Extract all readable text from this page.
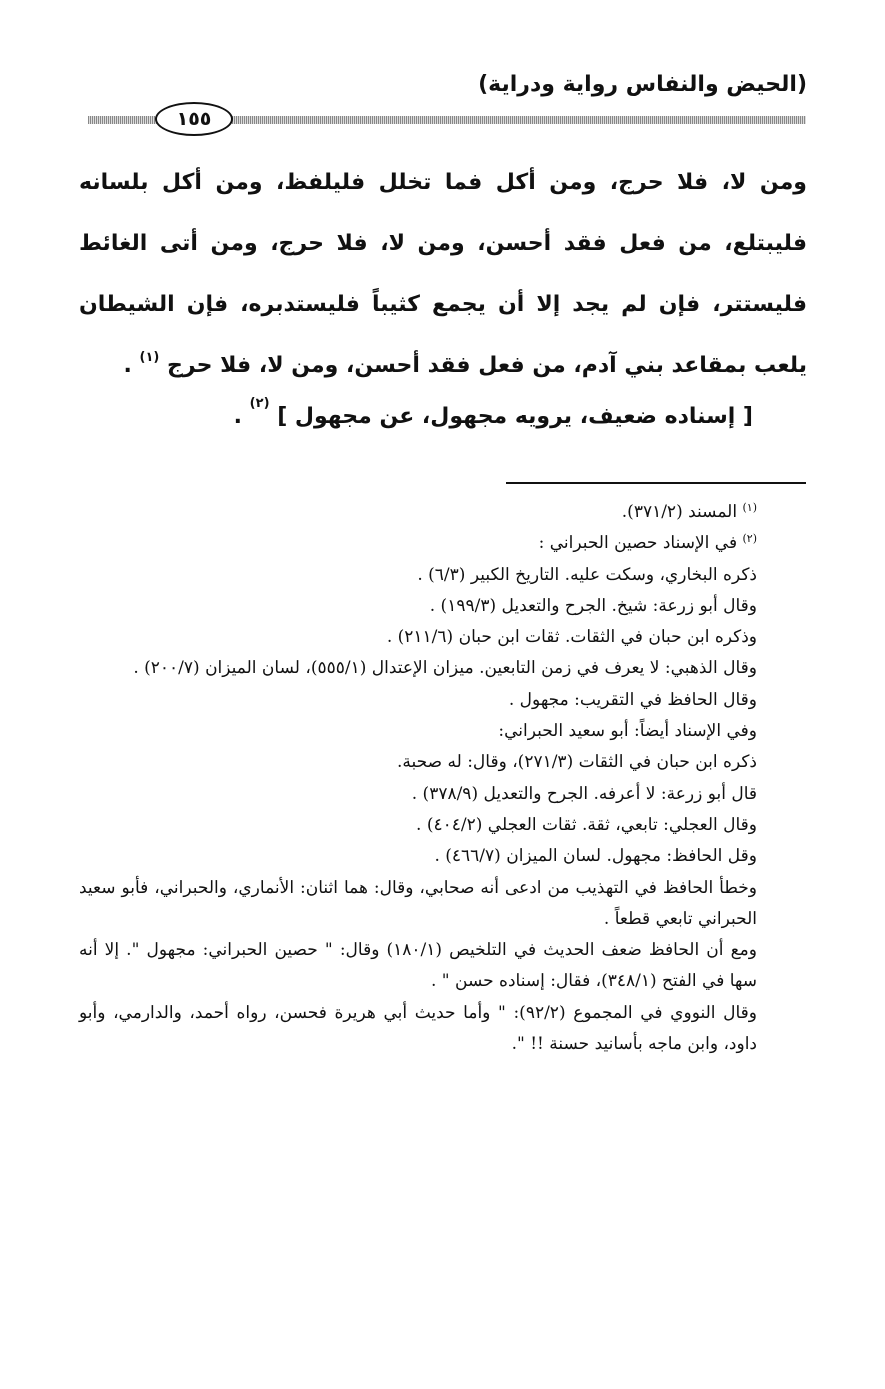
(الحيض والنفاس رواية ودراية)
١٥٥

ومن لا، فلا حرج، ومن أكل فما تخلل فليلفظ، ومن أكل بلسانه فليبتلع، من فعل فقد أحسن، ومن لا، فلا حرج، ومن أتى الغائط فليستتر، فإن لم يجد إلا أن يجمع كثيباً فليستدبره، فإن الشيطان يلعب بمقاعد بني آدم، من فعل فقد أحسن، ومن لا، فلا حرج $^{(١)}$ .

[ إسناده ضعيف، يرويه مجهول، عن مجهول ] $^{(٢)}$ .

$^{(١)}$ المسند (٣٧١/٢).

$^{(٢)}$ في الإسناد حصين الحبراني :

ذكره البخاري، وسكت عليه. التاريخ الكبير (٦/٣) .

وقال أبو زرعة: شيخ. الجرح والتعديل (١٩٩/٣) .

وذكره ابن حبان في الثقات. ثقات ابن حبان (٢١١/٦) .

وقال الذهبي: لا يعرف في زمن التابعين. ميزان الإعتدال (٥٥٥/١)، لسان الميزان (٢٠٠/٧) .

وقال الحافظ في التقريب: مجهول .

وفي الإسناد أيضاً: أبو سعيد الحبراني:

ذكره ابن حبان في الثقات (٢٧١/٣)، وقال: له صحبة.

قال أبو زرعة: لا أعرفه. الجرح والتعديل (٣٧٨/٩) .

وقال العجلي: تابعي، ثقة. ثقات العجلي (٤٠٤/٢) .

وقل الحافظ: مجهول. لسان الميزان (٤٦٦/٧) .

وخطأ الحافظ في التهذيب من ادعى أنه صحابي، وقال: هما اثنان: الأنماري، والحبراني، فأبو سعيد الحبراني تابعي قطعاً .

ومع أن الحافظ ضعف الحديث في التلخيص (١٨٠/١) وقال: " حصين الحبراني: مجهول ". إلا أنه سها في الفتح (٣٤٨/١)، فقال: إسناده حسن " .

وقال النووي في المجموع (٩٢/٢): " وأما حديث أبي هريرة فحسن، رواه أحمد، والدارمي، وأبو داود، وابن ماجه بأسانيد حسنة !! ".
